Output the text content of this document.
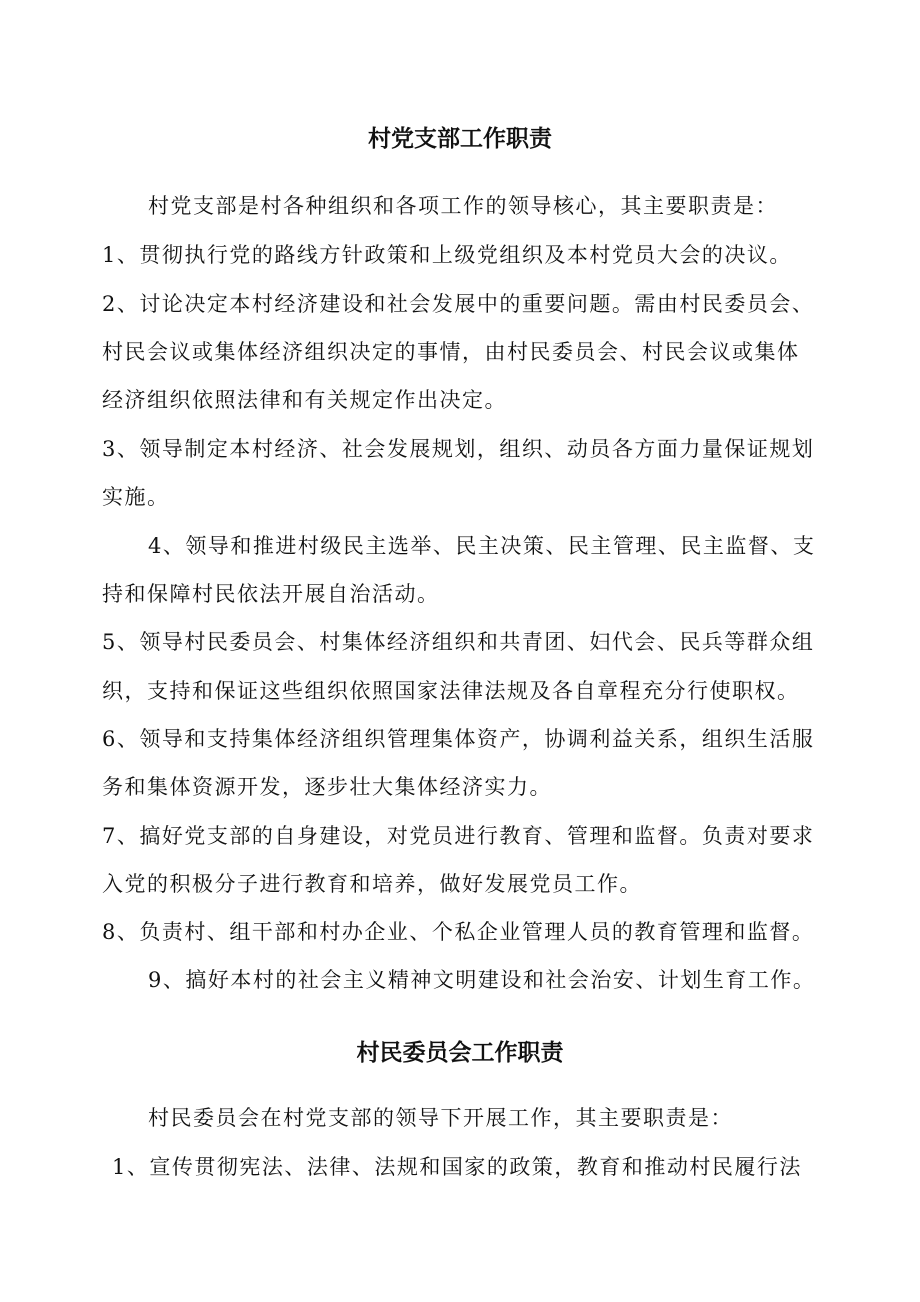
村党支部工作职责
村党支部是村各种组织和各项工作的领导核心，其主要职责是：
1、贯彻执行党的路线方针政策和上级党组织及本村党员大会的决议。
2、讨论决定本村经济建设和社会发展中的重要问题。需由村民委员会、
村民会议或集体经济组织决定的事情，由村民委员会、村民会议或集体
经济组织依照法律和有关规定作出决定。
3、领导制定本村经济、社会发展规划，组织、动员各方面力量保证规划
实施。
4、领导和推进村级民主选举、民主决策、民主管理、民主监督、支
持和保障村民依法开展自治活动。
5、领导村民委员会、村集体经济组织和共青团、妇代会、民兵等群众组
织，支持和保证这些组织依照国家法律法规及各自章程充分行使职权。
6、领导和支持集体经济组织管理集体资产，协调利益关系，组织生活服
务和集体资源开发，逐步壮大集体经济实力。
7、搞好党支部的自身建设，对党员进行教育、管理和监督。负责对要求
入党的积极分子进行教育和培养，做好发展党员工作。
8、负责村、组干部和村办企业、个私企业管理人员的教育管理和监督。
9、搞好本村的社会主义精神文明建设和社会治安、计划生育工作。
村民委员会工作职责
村民委员会在村党支部的领导下开展工作，其主要职责是：
1、宣传贯彻宪法、法律、法规和国家的政策，教育和推动村民履行法
